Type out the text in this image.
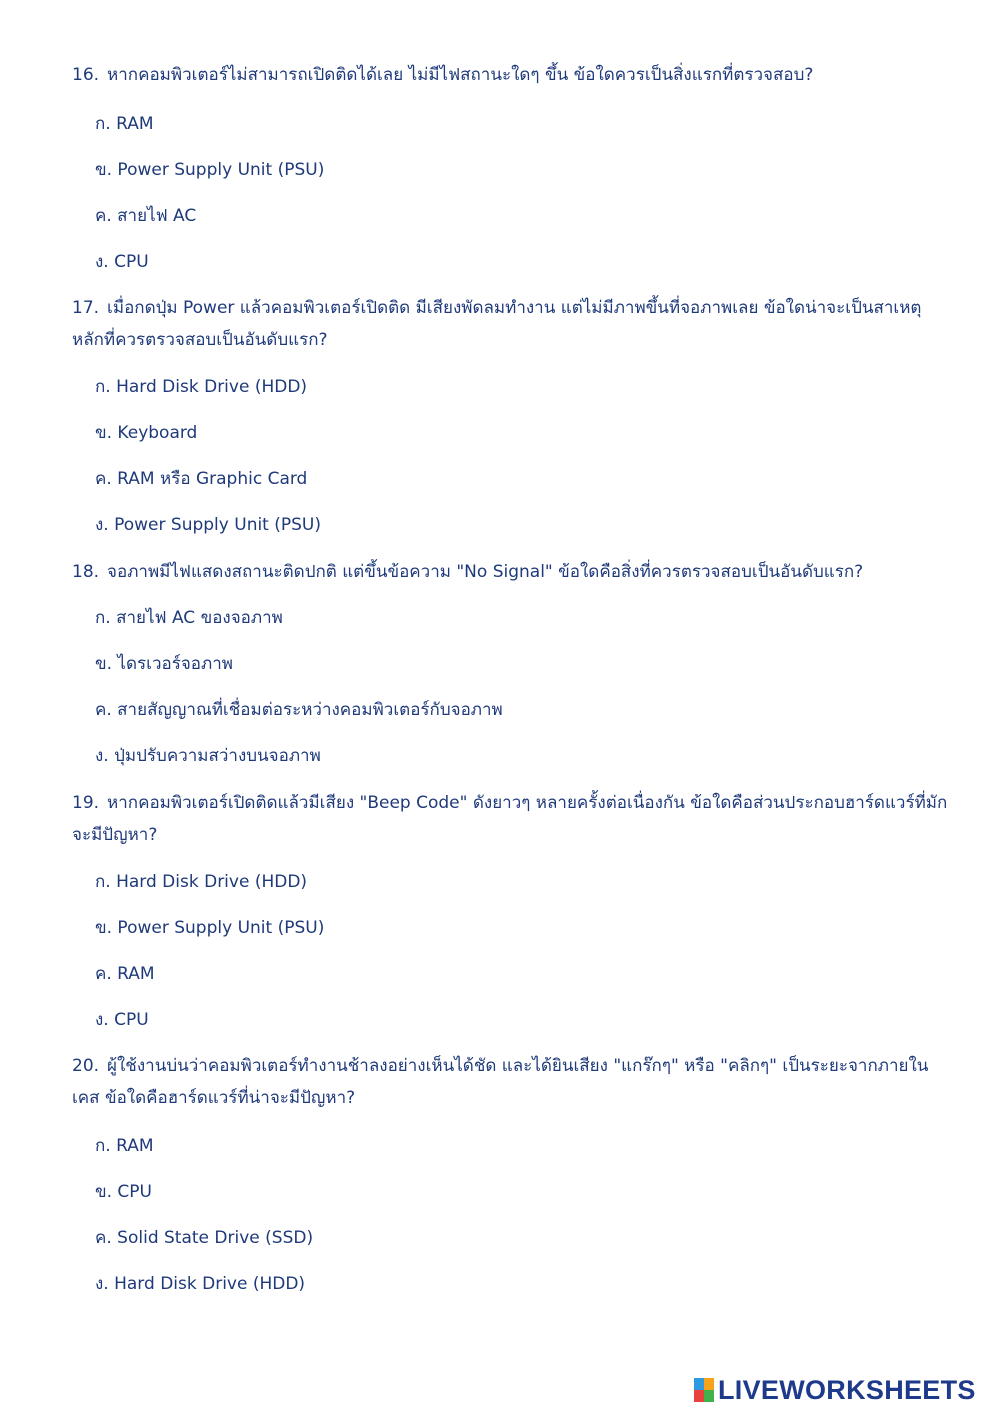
16. หากคอมพิวเตอร์ไม่สามารถเปิดติดได้เลย ไม่มีไฟสถานะใดๆ ขึ้น ข้อใดควรเป็นสิ่งแรกที่ตรวจสอบ?
ก. RAM
ข. Power Supply Unit (PSU)
ค. สายไฟ AC
ง. CPU
17. เมื่อกดปุ่ม Power แล้วคอมพิวเตอร์เปิดติด มีเสียงพัดลมทำงาน แต่ไม่มีภาพขึ้นที่จอภาพเลย ข้อใดน่าจะเป็นสาเหตุหลักที่ควรตรวจสอบเป็นอันดับแรก?
ก. Hard Disk Drive (HDD)
ข. Keyboard
ค. RAM หรือ Graphic Card
ง. Power Supply Unit (PSU)
18. จอภาพมีไฟแสดงสถานะติดปกติ แต่ขึ้นข้อความ "No Signal" ข้อใดคือสิ่งที่ควรตรวจสอบเป็นอันดับแรก?
ก. สายไฟ AC ของจอภาพ
ข. ไดรเวอร์จอภาพ
ค. สายสัญญาณที่เชื่อมต่อระหว่างคอมพิวเตอร์กับจอภาพ
ง. ปุ่มปรับความสว่างบนจอภาพ
19. หากคอมพิวเตอร์เปิดติดแล้วมีเสียง "Beep Code" ดังยาวๆ หลายครั้งต่อเนื่องกัน ข้อใดคือส่วนประกอบฮาร์ดแวร์ที่มักจะมีปัญหา?
ก. Hard Disk Drive (HDD)
ข. Power Supply Unit (PSU)
ค. RAM
ง. CPU
20. ผู้ใช้งานบ่นว่าคอมพิวเตอร์ทำงานช้าลงอย่างเห็นได้ชัด และได้ยินเสียง "แกร๊กๆ" หรือ "คลิกๆ" เป็นระยะจากภายในเคส ข้อใดคือฮาร์ดแวร์ที่น่าจะมีปัญหา?
ก. RAM
ข. CPU
ค. Solid State Drive (SSD)
ง. Hard Disk Drive (HDD)
LIVEWORKSHEETS
